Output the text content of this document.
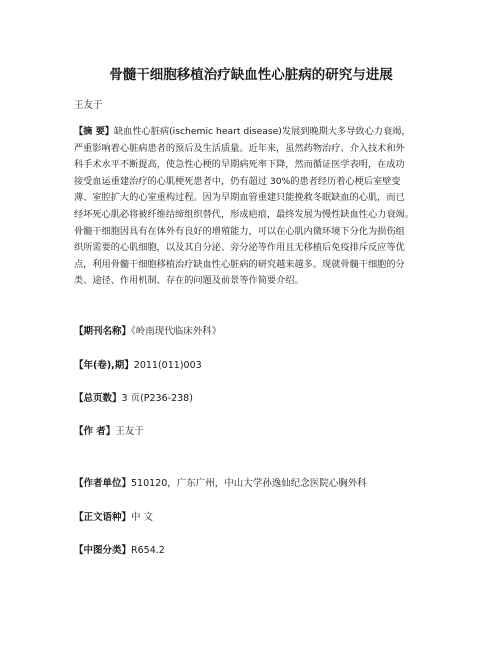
骨髓干细胞移植治疗缺血性心脏病的研究与进展
王友于
【摘 要】缺血性心脏病(ischemic heart disease)发展到晚期大多导致心力衰竭，
严重影响着心脏病患者的预后及生活质量。近年来，虽然药物治疗、介入技术和外
科手术水平不断提高，使急性心梗的早期病死率下降，然而循证医学表明，在成功
接受血运重建治疗的心肌梗死患者中，仍有超过 30%的患者经历着心梗后室壁变
薄、室腔扩大的心室重构过程。因为早期血管重建只能挽救冬眠缺血的心肌，而已
经坏死心肌必将被纤维结缔组织替代，形成疤痕，最终发展为慢性缺血性心力衰竭。
骨髓干细胞因具有在体外有良好的增殖能力，可以在心肌内微环境下分化为损伤组
织所需要的心肌细胞，以及其自分泌、旁分泌等作用且无移植后免疫排斥反应等优
点，利用骨髓干细胞移植治疗缺血性心脏病的研究越来越多。现就骨髓干细胞的分
类、途径、作用机制、存在的问题及前景等作简要介绍。
【期刊名称】《岭南现代临床外科》
【年(卷),期】2011(011)003
【总页数】3 页(P236-238)
【作 者】王友于
【作者单位】510120，广东广州，中山大学孙逸仙纪念医院心胸外科
【正文语种】中 文
【中图分类】R654.2
